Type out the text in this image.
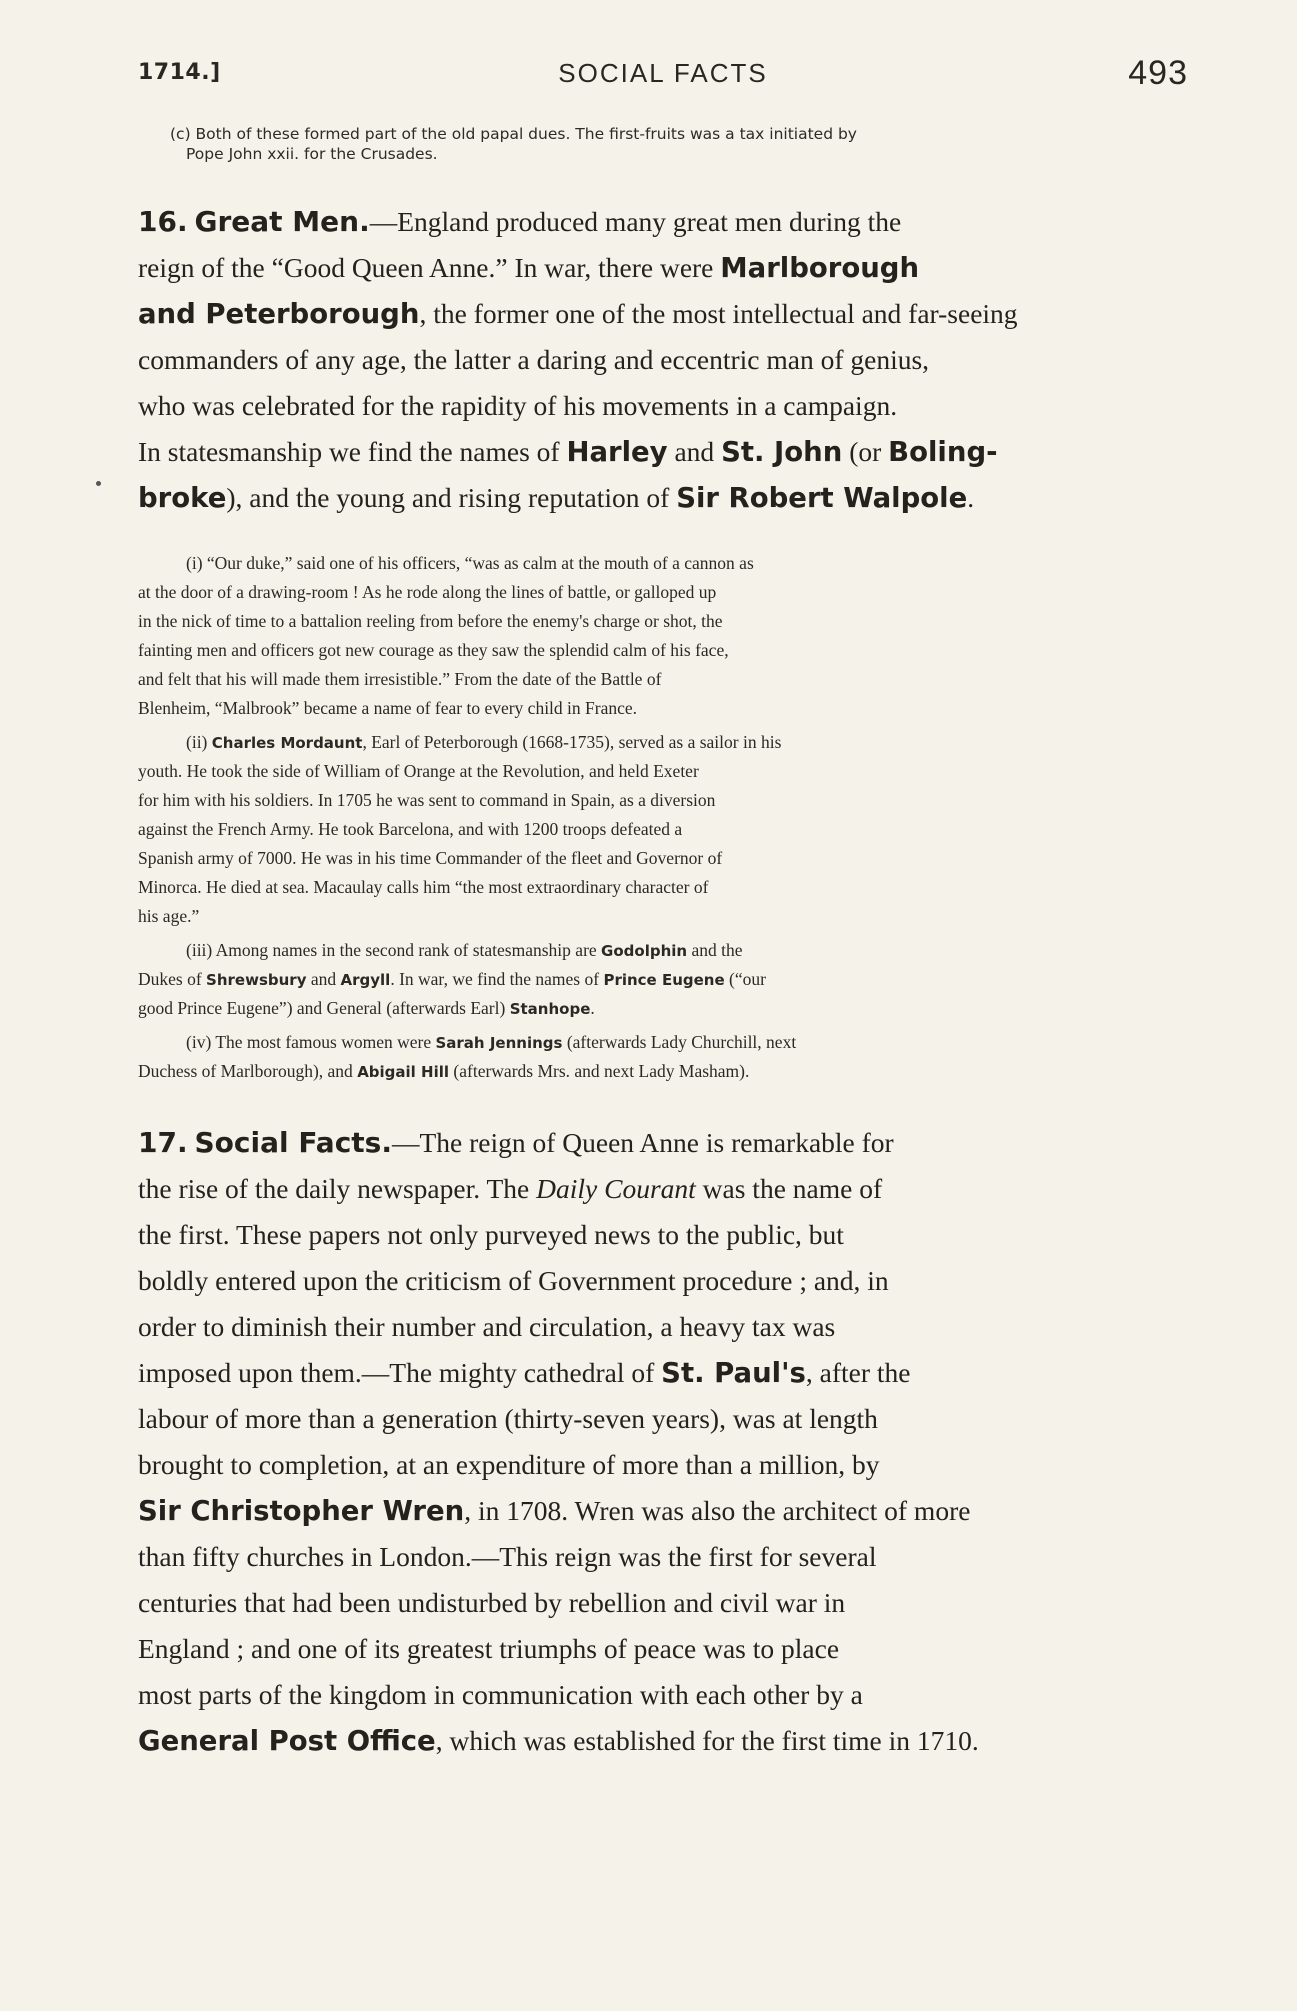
1714.]	SOCIAL FACTS	493
(c) Both of these formed part of the old papal dues. The first-fruits was a tax initiated by
Pope John xxii. for the Crusades.
16. Great Men.—England produced many great men during the
reign of the “Good Queen Anne.” In war, there were Marlborough
and Peterborough, the former one of the most intellectual and far-seeing
commanders of any age, the latter a daring and eccentric man of genius,
who was celebrated for the rapidity of his movements in a campaign.
In statesmanship we find the names of Harley and St. John (or Boling-
broke), and the young and rising reputation of Sir Robert Walpole.
(i) “Our duke,” said one of his officers, “was as calm at the mouth of a cannon as
at the door of a drawing-room ! As he rode along the lines of battle, or galloped up
in the nick of time to a battalion reeling from before the enemy's charge or shot, the
fainting men and officers got new courage as they saw the splendid calm of his face,
and felt that his will made them irresistible.” From the date of the Battle of
Blenheim, “Malbrook” became a name of fear to every child in France.
(ii) Charles Mordaunt, Earl of Peterborough (1668-1735), served as a sailor in his
youth. He took the side of William of Orange at the Revolution, and held Exeter
for him with his soldiers. In 1705 he was sent to command in Spain, as a diversion
against the French Army. He took Barcelona, and with 1200 troops defeated a
Spanish army of 7000. He was in his time Commander of the fleet and Governor of
Minorca. He died at sea. Macaulay calls him “the most extraordinary character of
his age.”
(iii) Among names in the second rank of statesmanship are Godolphin and the
Dukes of Shrewsbury and Argyll. In war, we find the names of Prince Eugene (“our
good Prince Eugene”) and General (afterwards Earl) Stanhope.
(iv) The most famous women were Sarah Jennings (afterwards Lady Churchill, next
Duchess of Marlborough), and Abigail Hill (afterwards Mrs. and next Lady Masham).
17. Social Facts.—The reign of Queen Anne is remarkable for
the rise of the daily newspaper. The Daily Courant was the name of
the first. These papers not only purveyed news to the public, but
boldly entered upon the criticism of Government procedure ; and, in
order to diminish their number and circulation, a heavy tax was
imposed upon them.—The mighty cathedral of St. Paul's, after the
labour of more than a generation (thirty-seven years), was at length
brought to completion, at an expenditure of more than a million, by
Sir Christopher Wren, in 1708. Wren was also the architect of more
than fifty churches in London.—This reign was the first for several
centuries that had been undisturbed by rebellion and civil war in
England ; and one of its greatest triumphs of peace was to place
most parts of the kingdom in communication with each other by a
General Post Office, which was established for the first time in 1710.
